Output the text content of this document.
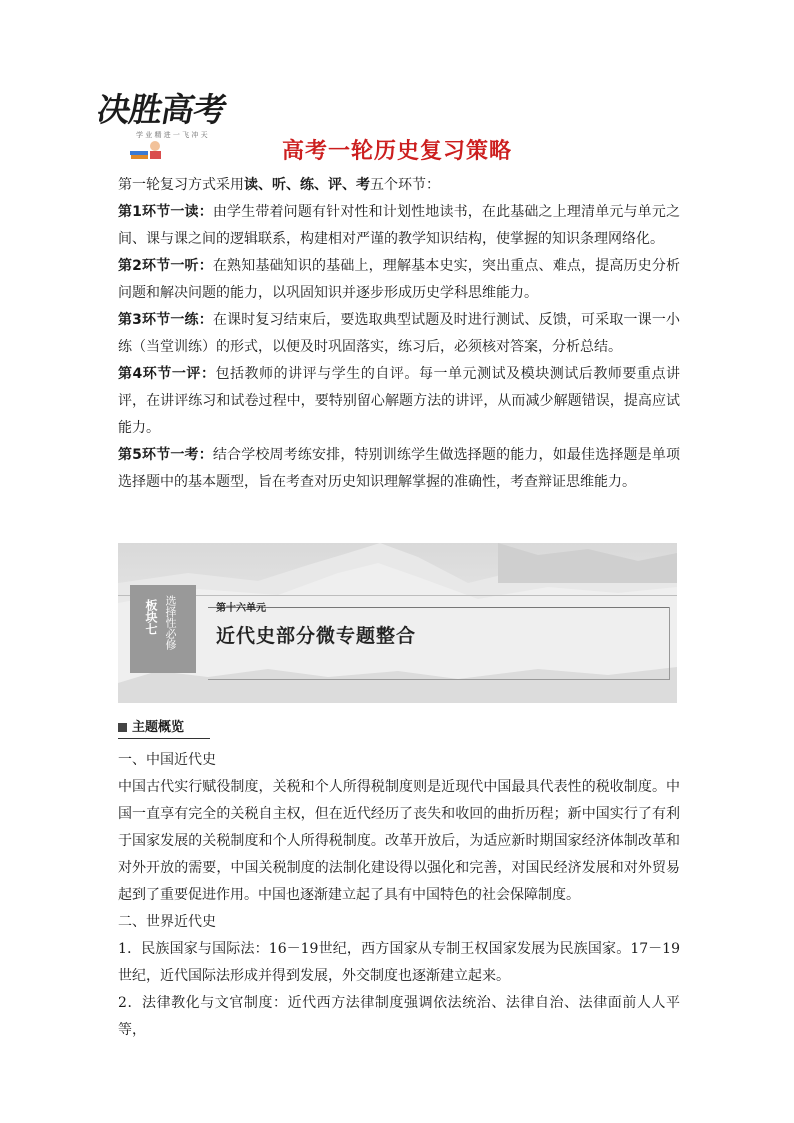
决胜高考
学 业 精 进 一 飞 冲 天
高考一轮历史复习策略

第一轮复习方式采用读、听、练、评、考五个环节：

第1环节一读：由学生带着问题有针对性和计划性地读书，在此基础之上理清单元与单元之间、课与课之间的逻辑联系，构建相对严谨的教学知识结构，使掌握的知识条理网络化。

第2环节一听：在熟知基础知识的基础上，理解基本史实，突出重点、难点，提高历史分析问题和解决问题的能力，以巩固知识并逐步形成历史学科思维能力。

第3环节一练：在课时复习结束后，要选取典型试题及时进行测试、反馈，可采取一课一小练（当堂训练）的形式，以便及时巩固落实，练习后，必须核对答案，分析总结。

第4环节一评：包括教师的讲评与学生的自评。每一单元测试及模块测试后教师要重点讲评，在讲评练习和试卷过程中，要特别留心解题方法的讲评，从而减少解题错误，提高应试能力。

第5环节一考：结合学校周考练安排，特别训练学生做选择题的能力，如最佳选择题是单项选择题中的基本题型，旨在考查对历史知识理解掌握的准确性，考查辩证思维能力。

板块七 选择性必修	第十六单元
近代史部分微专题整合
主题概览

一、中国近代史

中国古代实行赋役制度，关税和个人所得税制度则是近现代中国最具代表性的税收制度。中国一直享有完全的关税自主权，但在近代经历了丧失和收回的曲折历程；新中国实行了有利于国家发展的关税制度和个人所得税制度。改革开放后，为适应新时期国家经济体制改革和对外开放的需要，中国关税制度的法制化建设得以强化和完善，对国民经济发展和对外贸易起到了重要促进作用。中国也逐渐建立起了具有中国特色的社会保障制度。

二、世界近代史

1．民族国家与国际法：16－19世纪，西方国家从专制王权国家发展为民族国家。17－19世纪，近代国际法形成并得到发展，外交制度也逐渐建立起来。

2．法律教化与文官制度：近代西方法律制度强调依法统治、法律自治、法律面前人人平等，
